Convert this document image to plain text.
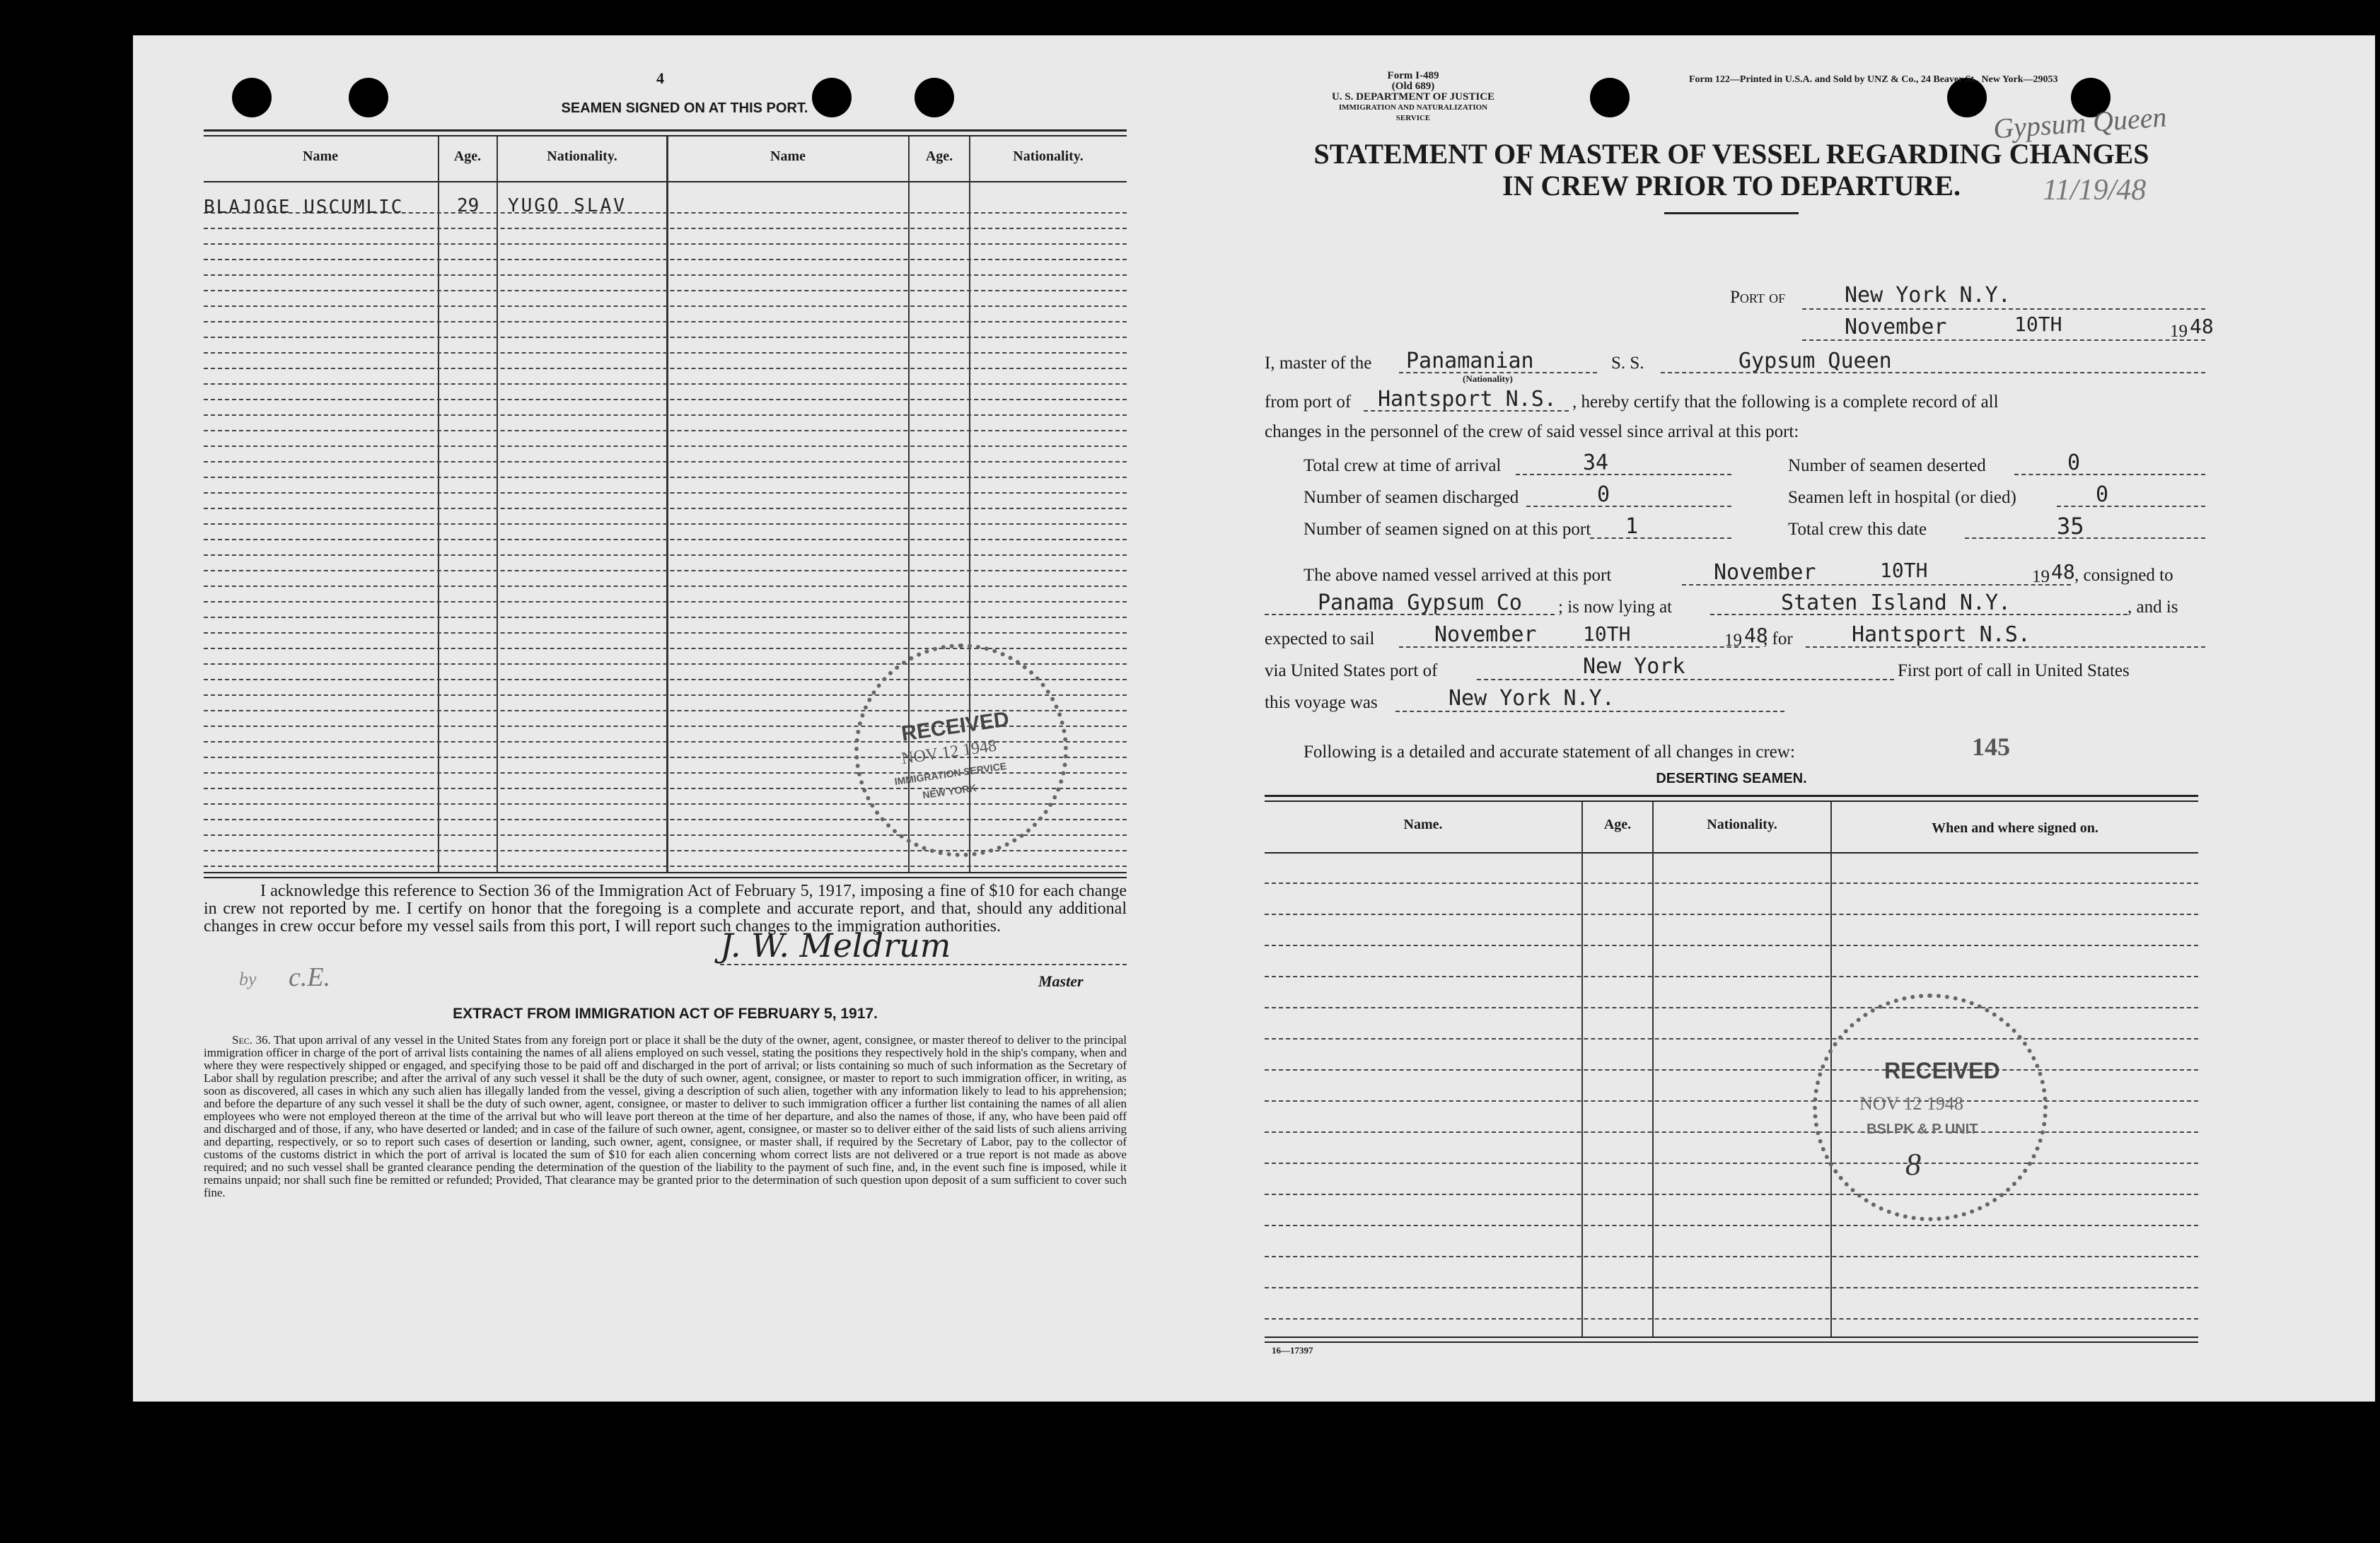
4
SEAMEN SIGNED ON AT THIS PORT.
Name	Age.	Nationality.	Name	Age.	Nationality.
BLAJOGE USCUMLIC	29 YUGO SLAV
RECEIVED
NOV 12 1948
IMMIGRATION SERVICE
NEW YORK
I acknowledge this reference to Section 36 of the Immigration Act of February 5, 1917, imposing a fine of $10 for each change in crew not reported by me. I certify on honor that the foregoing is a complete and accurate report, and that, should any additional changes in crew occur before my vessel sails from this port, I will report such changes to the immigration authorities.
by c.E.
J. W. Meldrum
Master
EXTRACT FROM IMMIGRATION ACT OF FEBRUARY 5, 1917.
Sec. 36. That upon arrival of any vessel in the United States from any foreign port or place it shall be the duty of the owner, agent, consignee, or master thereof to deliver to the principal immigration officer in charge of the port of arrival lists containing the names of all aliens employed on such vessel, stating the positions they respectively hold in the ship's company, when and where they were respectively shipped or engaged, and specifying those to be paid off and discharged in the port of arrival; or lists containing so much of such information as the Secretary of Labor shall by regulation prescribe; and after the arrival of any such vessel it shall be the duty of such owner, agent, consignee, or master to report to such immigration officer, in writing, as soon as discovered, all cases in which any such alien has illegally landed from the vessel, giving a description of such alien, together with any information likely to lead to his apprehension; and before the departure of any such vessel it shall be the duty of such owner, agent, consignee, or master to deliver to such immigration officer a further list containing the names of all alien employees who were not employed thereon at the time of the arrival but who will leave port thereon at the time of her departure, and also the names of those, if any, who have been paid off and discharged and of those, if any, who have deserted or landed; and in case of the failure of such owner, agent, consignee, or master so to deliver either of the said lists of such aliens arriving and departing, respectively, or so to report such cases of desertion or landing, such owner, agent, consignee, or master shall, if required by the Secretary of Labor, pay to the collector of customs of the customs district in which the port of arrival is located the sum of $10 for each alien concerning whom correct lists are not delivered or a true report is not made as above required; and no such vessel shall be granted clearance pending the determination of the question of the liability to the payment of such fine, and, in the event such fine is imposed, while it remains unpaid; nor shall such fine be remitted or refunded; Provided, That clearance may be granted prior to the determination of such question upon deposit of a sum sufficient to cover such fine.
Form I-489
(Old 689)
U. S. DEPARTMENT OF JUSTICE
IMMIGRATION AND NATURALIZATION SERVICE
Form 122—Printed in U.S.A. and Sold by UNZ & Co., 24 Beaver St., New York—29053
Gypsum Queen
11/19/48
STATEMENT OF MASTER OF VESSEL REGARDING CHANGES
IN CREW PRIOR TO DEPARTURE.
Port of	New York N.Y.
November	10TH	19 48
I, master of the Panamanian
(Nationality)
S. S.	Gypsum Queen
from port of Hantsport N.S. , hereby certify that the following is a complete record of all
changes in the personnel of the crew of said vessel since arrival at this port:
Total crew at time of arrival	34	Number of seamen deserted	0
Number of seamen discharged	0	Seamen left in hospital (or died)	0
Number of seamen signed on at this port 1	Total crew this date	35
The above named vessel arrived at this port	November	10TH	19 48 , consigned to
Panama Gypsum Co ; is now lying at	Staten Island N.Y.	, and is
expected to sail	November 10TH	19 48
, for	Hantsport N.S.
via United States port of	New York	First port of call in United States
this voyage was	New York N.Y.
Following is a detailed and accurate statement of all changes in crew:	145
DESERTING SEAMEN.
Name.	Age.	Nationality.	When and where signed on.
16—17397
RECEIVED
NOV 12 1948
BSI PK & P UNIT
8
